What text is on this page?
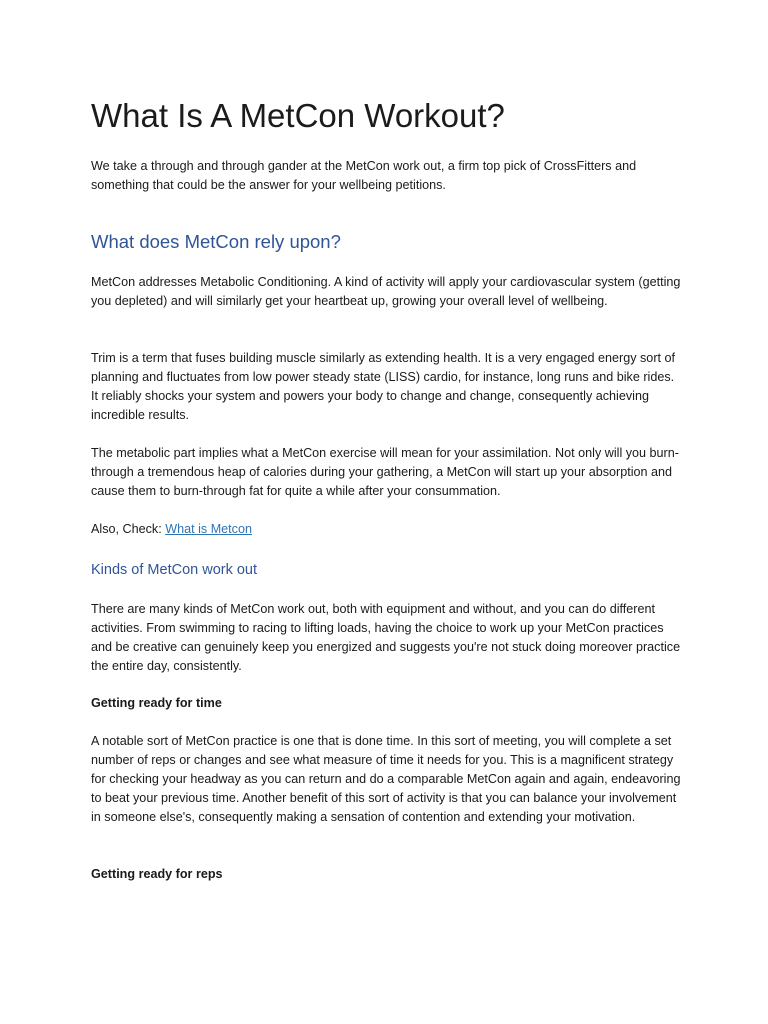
What Is A MetCon Workout?

We take a through and through gander at the MetCon work out, a firm top pick of CrossFitters and something that could be the answer for your wellbeing petitions.

What does MetCon rely upon?

MetCon addresses Metabolic Conditioning. A kind of activity will apply your cardiovascular system (getting you depleted) and will similarly get your heartbeat up, growing your overall level of wellbeing.

Trim is a term that fuses building muscle similarly as extending health. It is a very engaged energy sort of planning and fluctuates from low power steady state (LISS) cardio, for instance, long runs and bike rides. It reliably shocks your system and powers your body to change and change, consequently achieving incredible results.

The metabolic part implies what a MetCon exercise will mean for your assimilation. Not only will you burn-through a tremendous heap of calories during your gathering, a MetCon will start up your absorption and cause them to burn-through fat for quite a while after your consummation.

Also, Check: What is Metcon

Kinds of MetCon work out

There are many kinds of MetCon work out, both with equipment and without, and you can do different activities. From swimming to racing to lifting loads, having the choice to work up your MetCon practices and be creative can genuinely keep you energized and suggests you're not stuck doing moreover practice the entire day, consistently.

Getting ready for time

A notable sort of MetCon practice is one that is done time. In this sort of meeting, you will complete a set number of reps or changes and see what measure of time it needs for you. This is a magnificent strategy for checking your headway as you can return and do a comparable MetCon again and again, endeavoring to beat your previous time. Another benefit of this sort of activity is that you can balance your involvement in someone else's, consequently making a sensation of contention and extending your motivation.

Getting ready for reps
